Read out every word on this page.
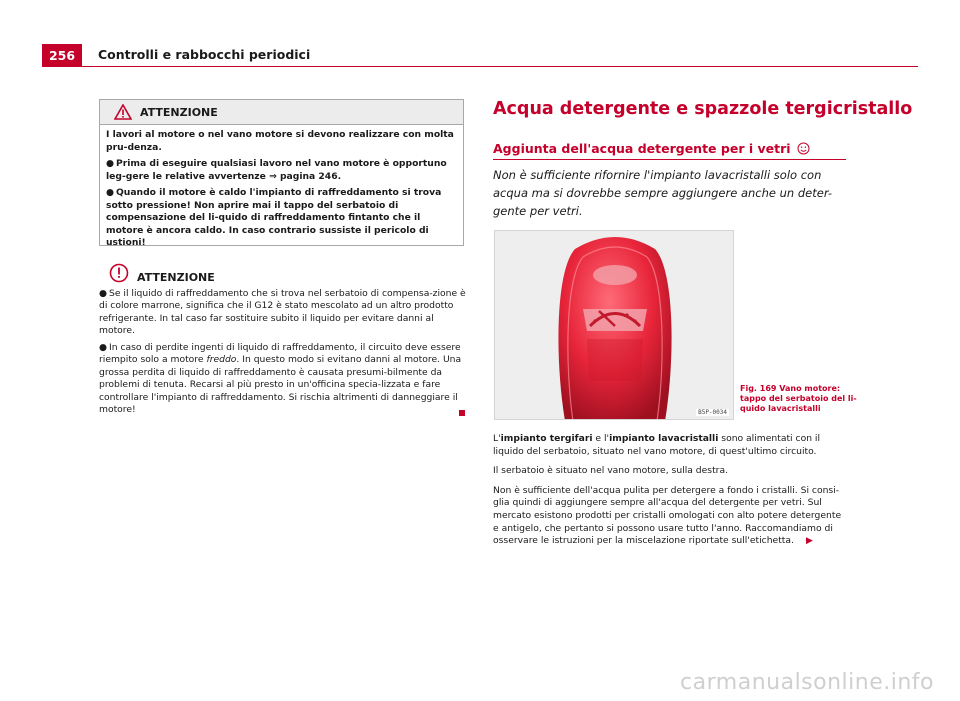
256	Controlli e rabbocchi periodici
ATTENZIONE

I lavori al motore o nel vano motore si devono realizzare con molta pru-denza.

● Prima di eseguire qualsiasi lavoro nel vano motore è opportuno leg-gere le relative avvertenze ⇒ pagina 246.

● Quando il motore è caldo l'impianto di raffreddamento si trova sotto pressione! Non aprire mai il tappo del serbatoio di compensazione del li-quido di raffreddamento fintanto che il motore è ancora caldo. In caso contrario sussiste il pericolo di ustioni!

ATTENZIONE

● Se il liquido di raffreddamento che si trova nel serbatoio di compensa-zione è di colore marrone, significa che il G12 è stato mescolato ad un altro prodotto refrigerante. In tal caso far sostituire subito il liquido per evitare danni al motore.

● In caso di perdite ingenti di liquido di raffreddamento, il circuito deve essere riempito solo a motore freddo. In questo modo si evitano danni al motore. Una grossa perdita di liquido di raffreddamento è causata presumi-bilmente da problemi di tenuta. Recarsi al più presto in un'officina specia-lizzata e fare controllare l'impianto di raffreddamento. Si rischia altrimenti di danneggiare il motore!

Acqua detergente e spazzole tergicristallo
Aggiunta dell'acqua detergente per i vetri
Non è sufficiente rifornire l'impianto lavacristalli solo con acqua ma si dovrebbe sempre aggiungere anche un deter-gente per vetri.
B5P-0034
Fig. 169 Vano motore: tappo del serbatoio del li-quido lavacristalli

L'impianto tergifari e l'impianto lavacristalli sono alimentati con il liquido del serbatoio, situato nel vano motore, di quest'ultimo circuito.

Il serbatoio è situato nel vano motore, sulla destra.

Non è sufficiente dell'acqua pulita per detergere a fondo i cristalli. Si consi-glia quindi di aggiungere sempre all'acqua del detergente per vetri. Sul mercato esistono prodotti per cristalli omologati con alto potere detergente e antigelo, che pertanto si possono usare tutto l'anno. Raccomandiamo di osservare le istruzioni per la miscelazione riportate sull'etichetta. ▶

carmanualsonline.info
